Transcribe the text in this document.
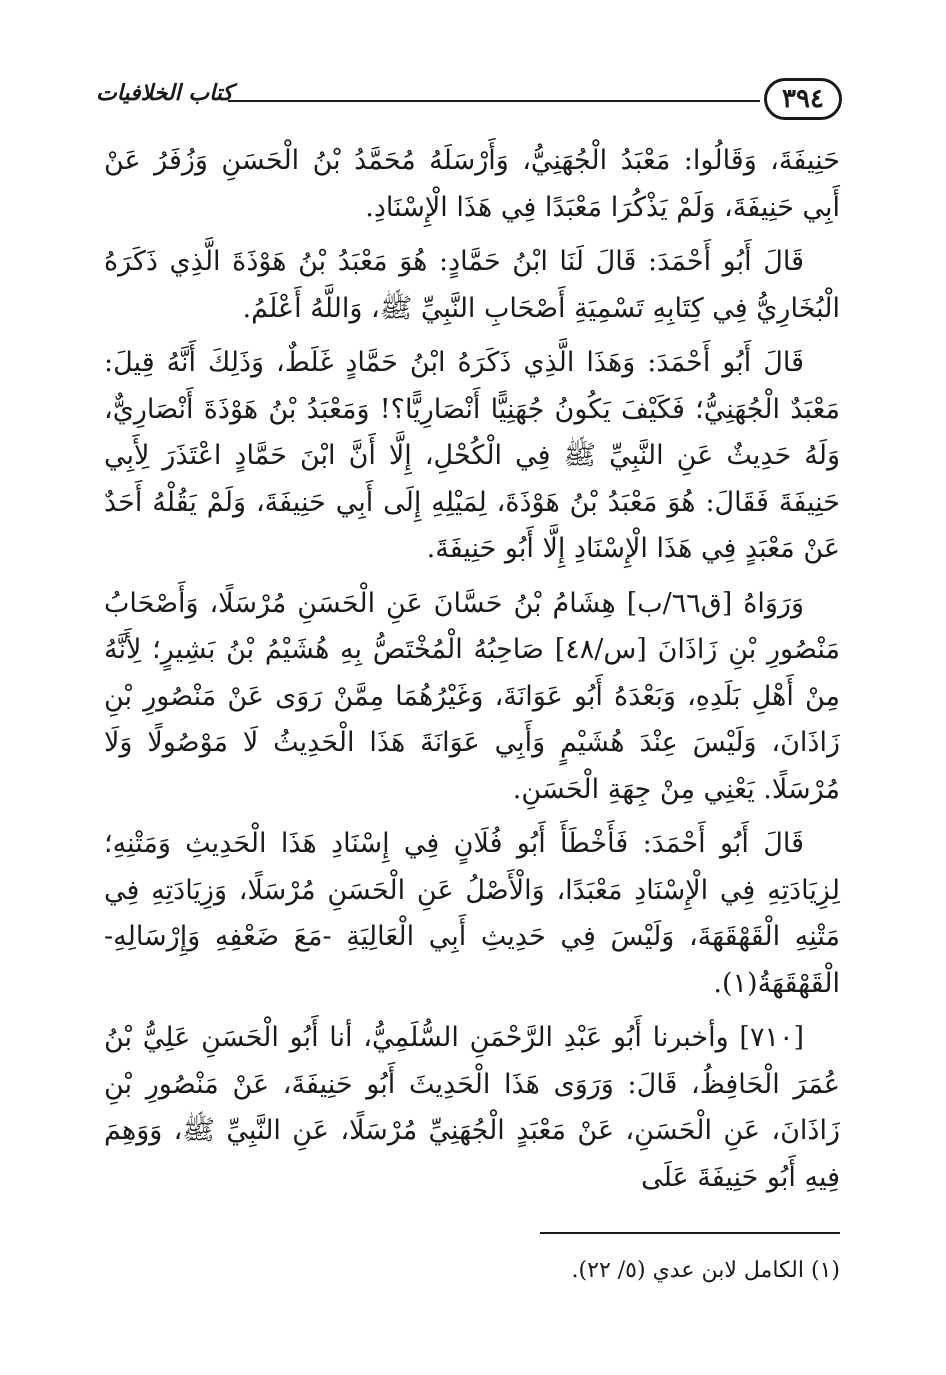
٣٩٤
كتاب الخلافيات

حَنِيفَةَ، وَقَالُوا: مَعْبَدُ الْجُهَنِيُّ، وَأَرْسَلَهُ مُحَمَّدُ بْنُ الْحَسَنِ وَزُفَرُ عَنْ أَبِي حَنِيفَةَ، وَلَمْ يَذْكُرَا مَعْبَدًا فِي هَذَا الْإِسْنَادِ.

قَالَ أَبُو أَحْمَدَ: قَالَ لَنَا ابْنُ حَمَّادٍ: هُوَ مَعْبَدُ بْنُ هَوْذَةَ الَّذِي ذَكَرَهُ الْبُخَارِيُّ فِي كِتَابِهِ تَسْمِيَةِ أَصْحَابِ النَّبِيِّ ﷺ، وَاللَّهُ أَعْلَمُ.

قَالَ أَبُو أَحْمَدَ: وَهَذَا الَّذِي ذَكَرَهُ ابْنُ حَمَّادٍ غَلَطٌ، وَذَلِكَ أَنَّهُ قِيلَ: مَعْبَدٌ الْجُهَنِيُّ؛ فَكَيْفَ يَكُونُ جُهَنِيًّا أَنْصَارِيًّا؟! وَمَعْبَدُ بْنُ هَوْذَةَ أَنْصَارِيٌّ، وَلَهُ حَدِيثٌ عَنِ النَّبِيِّ ﷺ فِي الْكُحْلِ، إِلَّا أَنَّ ابْنَ حَمَّادٍ اعْتَذَرَ لِأَبِي حَنِيفَةَ فَقَالَ: هُوَ مَعْبَدُ بْنُ هَوْذَةَ، لِمَيْلِهِ إِلَى أَبِي حَنِيفَةَ، وَلَمْ يَقُلْهُ أَحَدٌ عَنْ مَعْبَدٍ فِي هَذَا الْإِسْنَادِ إِلَّا أَبُو حَنِيفَةَ.

وَرَوَاهُ [ق٦٦/ب] هِشَامُ بْنُ حَسَّانَ عَنِ الْحَسَنِ مُرْسَلًا، وَأَصْحَابُ مَنْصُورِ بْنِ زَاذَانَ [س/٤٨] صَاحِبُهُ الْمُخْتَصُّ بِهِ هُشَيْمُ بْنُ بَشِيرٍ؛ لِأَنَّهُ مِنْ أَهْلِ بَلَدِهِ، وَبَعْدَهُ أَبُو عَوَانَةَ، وَغَيْرُهُمَا مِمَّنْ رَوَى عَنْ مَنْصُورِ بْنِ زَاذَانَ، وَلَيْسَ عِنْدَ هُشَيْمٍ وَأَبِي عَوَانَةَ هَذَا الْحَدِيثُ لَا مَوْصُولًا وَلَا مُرْسَلًا. يَعْنِي مِنْ جِهَةِ الْحَسَنِ.

قَالَ أَبُو أَحْمَدَ: فَأَخْطَأَ أَبُو فُلَانٍ فِي إِسْنَادِ هَذَا الْحَدِيثِ وَمَتْنِهِ؛ لِزِيَادَتِهِ فِي الْإِسْنَادِ مَعْبَدًا، وَالْأَصْلُ عَنِ الْحَسَنِ مُرْسَلًا، وَزِيَادَتِهِ فِي مَتْنِهِ الْقَهْقَهَةَ، وَلَيْسَ فِي حَدِيثِ أَبِي الْعَالِيَةِ -مَعَ ضَعْفِهِ وَإِرْسَالِهِ- الْقَهْقَهَةُ(١).

[٧١٠] وأخبرنا أَبُو عَبْدِ الرَّحْمَنِ السُّلَمِيُّ، أنا أَبُو الْحَسَنِ عَلِيُّ بْنُ عُمَرَ الْحَافِظُ، قَالَ: وَرَوَى هَذَا الْحَدِيثَ أَبُو حَنِيفَةَ، عَنْ مَنْصُورِ بْنِ زَاذَانَ، عَنِ الْحَسَنِ، عَنْ مَعْبَدٍ الْجُهَنِيِّ مُرْسَلًا، عَنِ النَّبِيِّ ﷺ، وَوَهِمَ فِيهِ أَبُو حَنِيفَةَ عَلَى

(١) الكامل لابن عدي (٥/ ٢٢).
